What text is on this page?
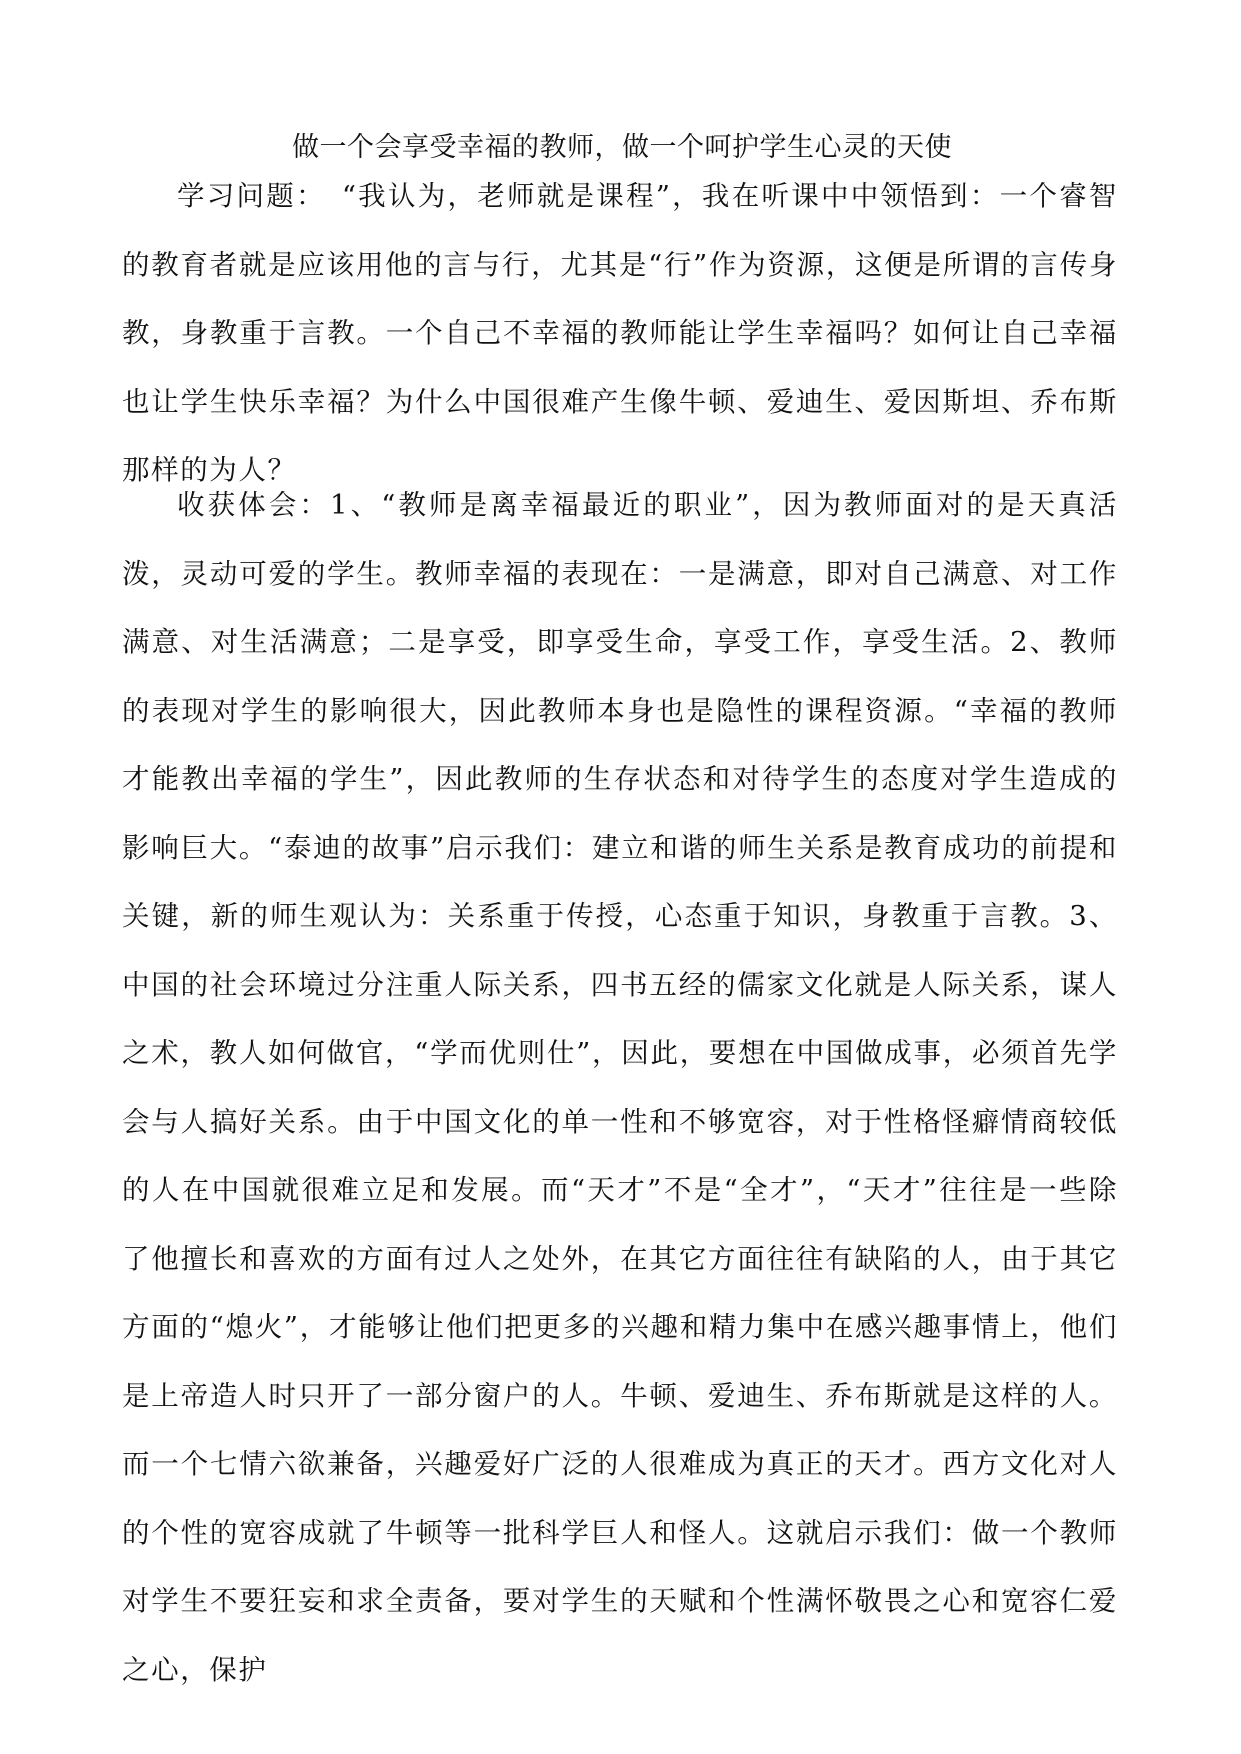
做一个会享受幸福的教师，做一个呵护学生心灵的天使

学习问题：　“我认为，老师就是课程”，我在听课中中领悟到：一个睿智的教育者就是应该用他的言与行，尤其是“行”作为资源，这便是所谓的言传身教，身教重于言教。一个自己不幸福的教师能让学生幸福吗？如何让自己幸福也让学生快乐幸福？为什么中国很难产生像牛顿、爱迪生、爱因斯坦、乔布斯那样的为人？

收获体会：1、“教师是离幸福最近的职业”，因为教师面对的是天真活泼，灵动可爱的学生。教师幸福的表现在：一是满意，即对自己满意、对工作满意、对生活满意；二是享受，即享受生命，享受工作，享受生活。2、教师的表现对学生的影响很大，因此教师本身也是隐性的课程资源。“幸福的教师才能教出幸福的学生”，因此教师的生存状态和对待学生的态度对学生造成的影响巨大。“泰迪的故事”启示我们：建立和谐的师生关系是教育成功的前提和关键，新的师生观认为：关系重于传授，心态重于知识，身教重于言教。3、中国的社会环境过分注重人际关系，四书五经的儒家文化就是人际关系，谋人之术，教人如何做官，“学而优则仕”，因此，要想在中国做成事，必须首先学会与人搞好关系。由于中国文化的单一性和不够宽容，对于性格怪癖情商较低的人在中国就很难立足和发展。而“天才”不是“全才”，“天才”往往是一些除了他擅长和喜欢的方面有过人之处外，在其它方面往往有缺陷的人，由于其它方面的“熄火”，才能够让他们把更多的兴趣和精力集中在感兴趣事情上，他们是上帝造人时只开了一部分窗户的人。牛顿、爱迪生、乔布斯就是这样的人。而一个七情六欲兼备，兴趣爱好广泛的人很难成为真正的天才。西方文化对人的个性的宽容成就了牛顿等一批科学巨人和怪人。这就启示我们：做一个教师对学生不要狂妄和求全责备，要对学生的天赋和个性满怀敬畏之心和宽容仁爱之心，保护
